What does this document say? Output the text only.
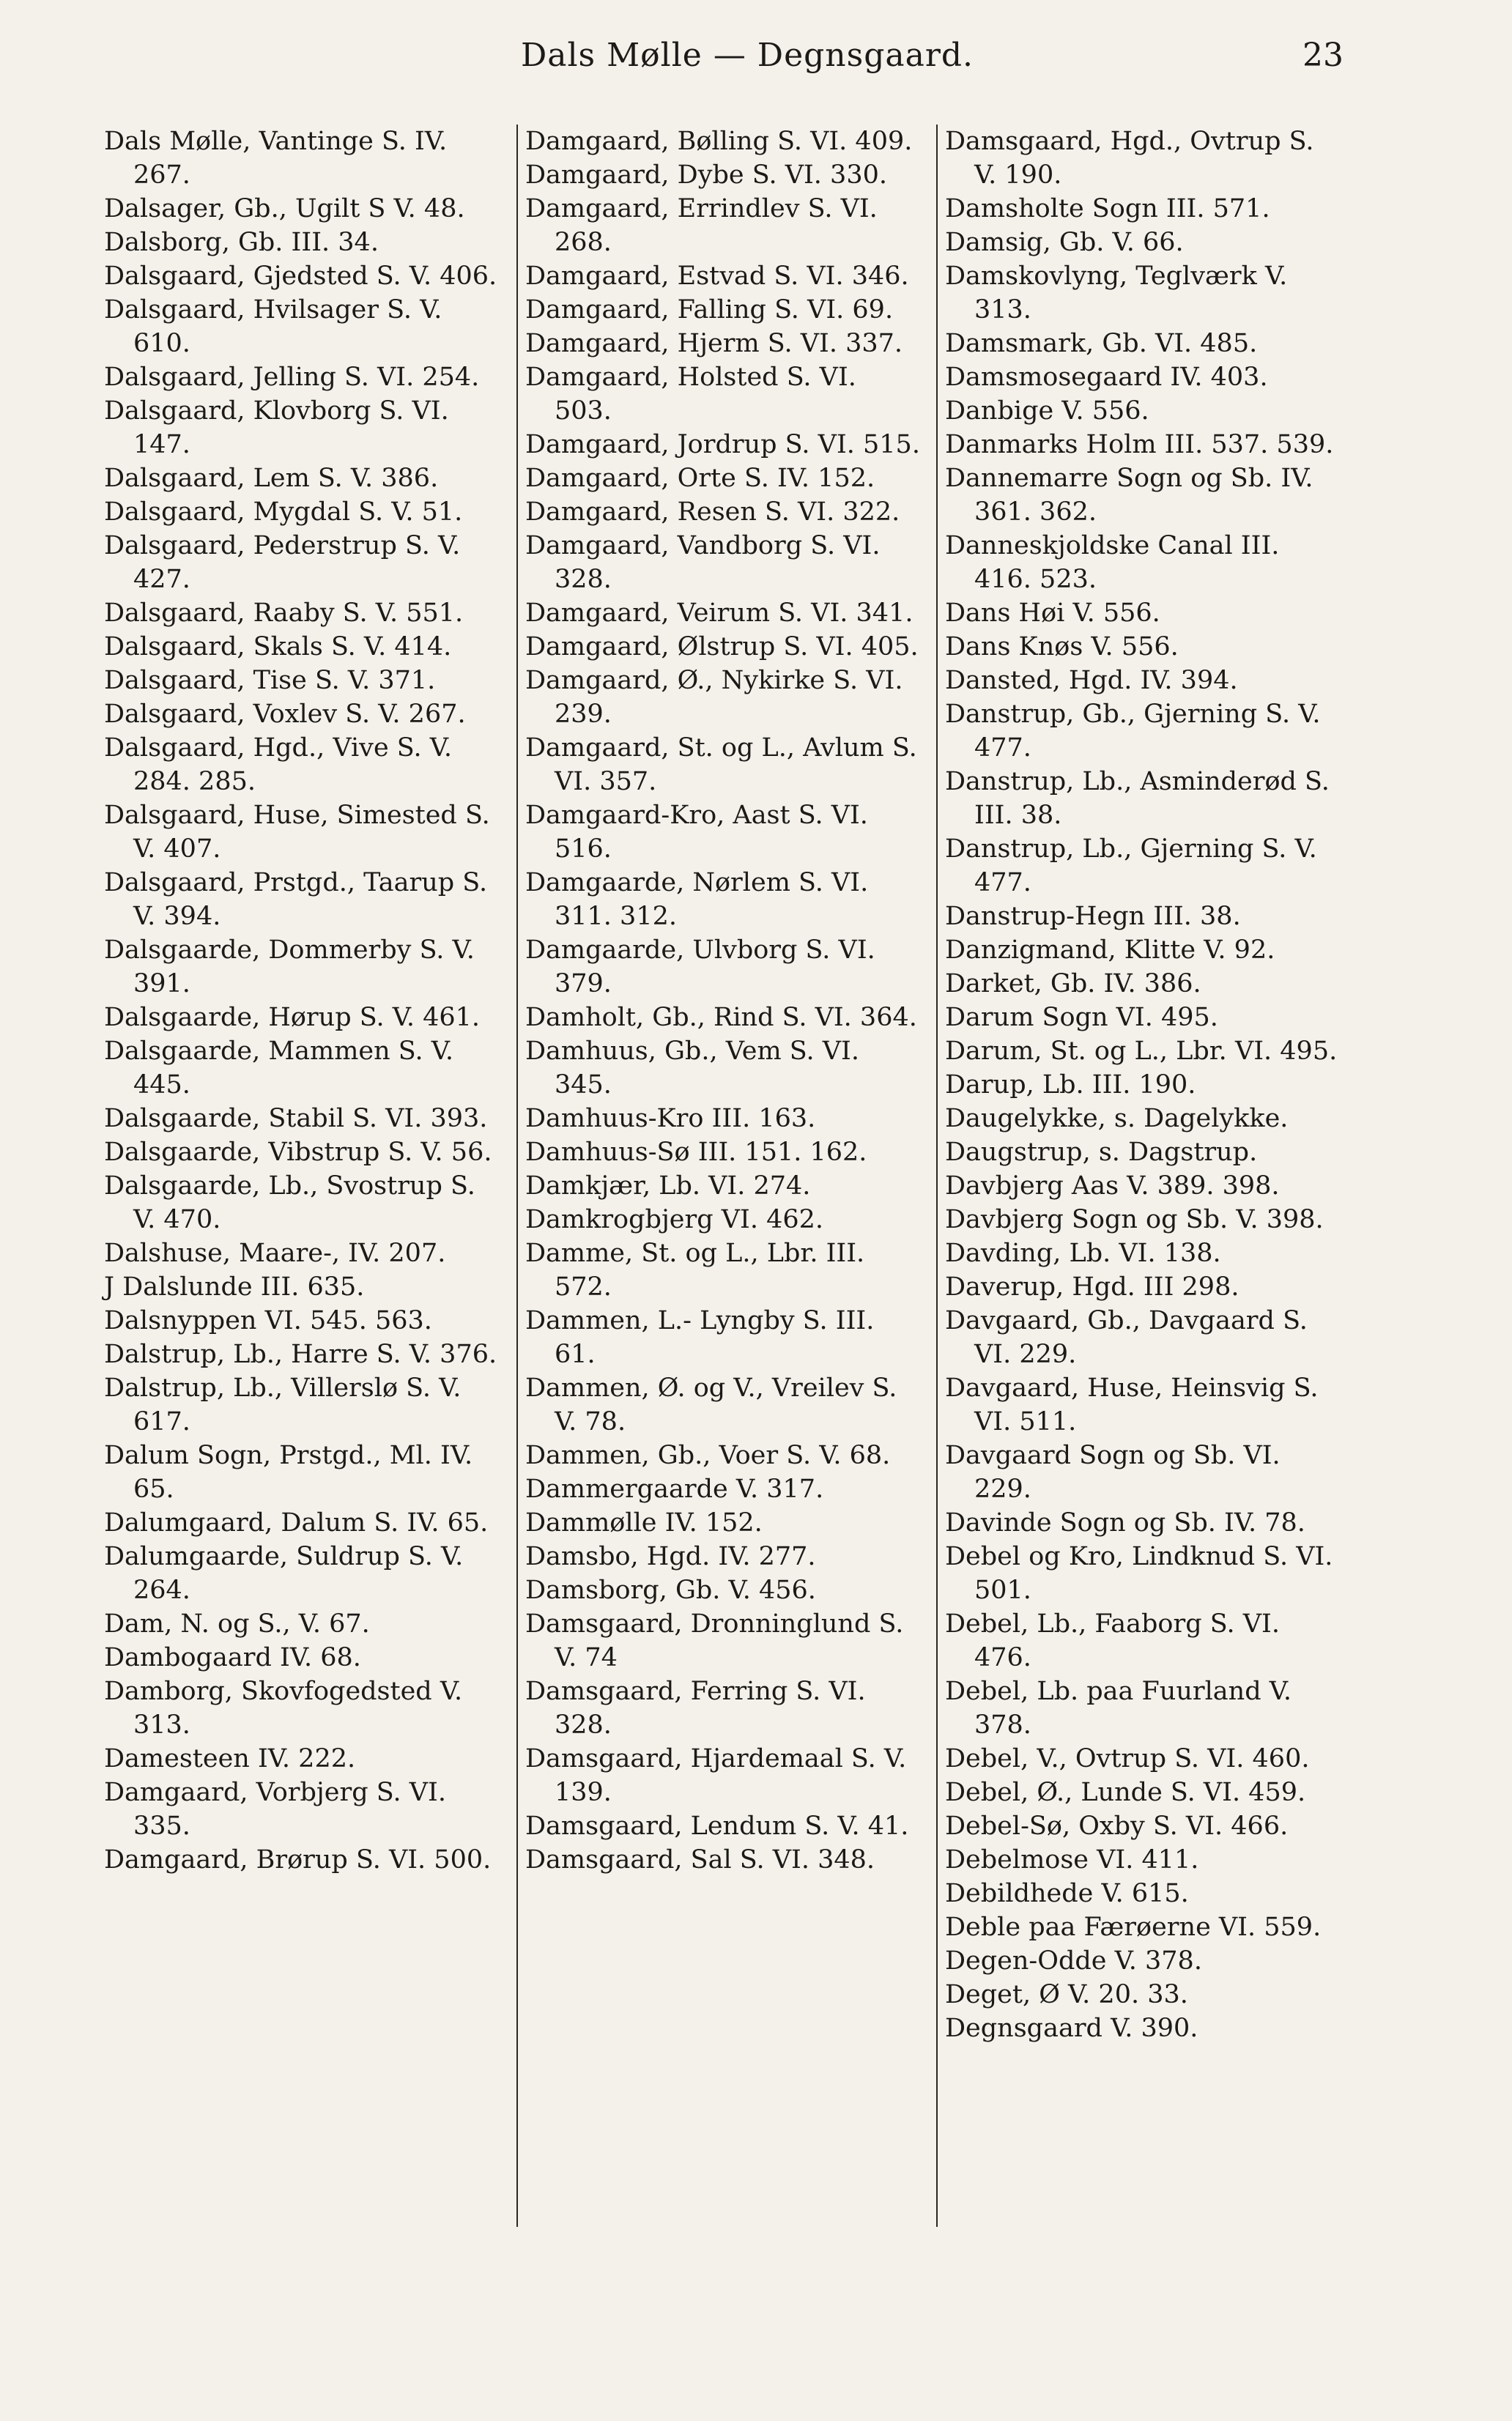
Dals Mølle — Degnsgaard.	23
Dals Mølle, Vantinge S. IV. 267.
Dalsager, Gb., Ugilt S V. 48.
Dalsborg, Gb. III. 34.
Dalsgaard, Gjedsted S. V. 406.
Dalsgaard, Hvilsager S. V. 610.
Dalsgaard, Jelling S. VI. 254.
Dalsgaard, Klovborg S. VI. 147.
Dalsgaard, Lem S. V. 386.
Dalsgaard, Mygdal S. V. 51.
Dalsgaard, Pederstrup S. V. 427.
Dalsgaard, Raaby S. V. 551.
Dalsgaard, Skals S. V. 414.
Dalsgaard, Tise S. V. 371.
Dalsgaard, Voxlev S. V. 267.
Dalsgaard, Hgd., Vive S. V. 284. 285.
Dalsgaard, Huse, Simested S. V. 407.
Dalsgaard, Prstgd., Taarup S. V. 394.
Dalsgaarde, Dommerby S. V. 391.
Dalsgaarde, Hørup S. V. 461.
Dalsgaarde, Mammen S. V. 445.
Dalsgaarde, Stabil S. VI. 393.
Dalsgaarde, Vibstrup S. V. 56.
Dalsgaarde, Lb., Svostrup S. V. 470.
Dalshuse, Maare-, IV. 207.
J Dalslunde III. 635.
Dalsnyppen VI. 545. 563.
Dalstrup, Lb., Harre S. V. 376.
Dalstrup, Lb., Villerslø S. V. 617.
Dalum Sogn, Prstgd., Ml. IV. 65.
Dalumgaard, Dalum S. IV. 65.
Dalumgaarde, Suldrup S. V. 264.
Dam, N. og S., V. 67.
Dambogaard IV. 68.
Damborg, Skovfogedsted V. 313.
Damesteen IV. 222.
Damgaard, Vorbjerg S. VI. 335.
Damgaard, Brørup S. VI. 500.
Damgaard, Bølling S. VI. 409.
Damgaard, Dybe S. VI. 330.
Damgaard, Errindlev S. VI. 268.
Damgaard, Estvad S. VI. 346.
Damgaard, Falling S. VI. 69.
Damgaard, Hjerm S. VI. 337.
Damgaard, Holsted S. VI. 503.
Damgaard, Jordrup S. VI. 515.
Damgaard, Orte S. IV. 152.
Damgaard, Resen S. VI. 322.
Damgaard, Vandborg S. VI. 328.
Damgaard, Veirum S. VI. 341.
Damgaard, Ølstrup S. VI. 405.
Damgaard, Ø., Nykirke S. VI. 239.
Damgaard, St. og L., Avlum S. VI. 357.
Damgaard-Kro, Aast S. VI. 516.
Damgaarde, Nørlem S. VI. 311. 312.
Damgaarde, Ulvborg S. VI. 379.
Damholt, Gb., Rind S. VI. 364.
Damhuus, Gb., Vem S. VI. 345.
Damhuus-Kro III. 163.
Damhuus-Sø III. 151. 162.
Damkjær, Lb. VI. 274.
Damkrogbjerg VI. 462.
Damme, St. og L., Lbr. III. 572.
Dammen, L.- Lyngby S. III. 61.
Dammen, Ø. og V., Vreilev S. V. 78.
Dammen, Gb., Voer S. V. 68.
Dammergaarde V. 317.
Dammølle IV. 152.
Damsbo, Hgd. IV. 277.
Damsborg, Gb. V. 456.
Damsgaard, Dronninglund S. V. 74
Damsgaard, Ferring S. VI. 328.
Damsgaard, Hjardemaal S. V. 139.
Damsgaard, Lendum S. V. 41.
Damsgaard, Sal S. VI. 348.
Damsgaard, Hgd., Ovtrup S. V. 190.
Damsholte Sogn III. 571.
Damsig, Gb. V. 66.
Damskovlyng, Teglværk V. 313.
Damsmark, Gb. VI. 485.
Damsmosegaard IV. 403.
Danbige V. 556.
Danmarks Holm III. 537. 539.
Dannemarre Sogn og Sb. IV. 361. 362.
Danneskjoldske Canal III. 416. 523.
Dans Høi V. 556.
Dans Knøs V. 556.
Dansted, Hgd. IV. 394.
Danstrup, Gb., Gjerning S. V. 477.
Danstrup, Lb., Asminderød S. III. 38.
Danstrup, Lb., Gjerning S. V. 477.
Danstrup-Hegn III. 38.
Danzigmand, Klitte V. 92.
Darket, Gb. IV. 386.
Darum Sogn VI. 495.
Darum, St. og L., Lbr. VI. 495.
Darup, Lb. III. 190.
Daugelykke, s. Dagelykke.
Daugstrup, s. Dagstrup.
Davbjerg Aas V. 389. 398.
Davbjerg Sogn og Sb. V. 398.
Davding, Lb. VI. 138.
Daverup, Hgd. III 298.
Davgaard, Gb., Davgaard S. VI. 229.
Davgaard, Huse, Heinsvig S. VI. 511.
Davgaard Sogn og Sb. VI. 229.
Davinde Sogn og Sb. IV. 78.
Debel og Kro, Lindknud S. VI. 501.
Debel, Lb., Faaborg S. VI. 476.
Debel, Lb. paa Fuurland V. 378.
Debel, V., Ovtrup S. VI. 460.
Debel, Ø., Lunde S. VI. 459.
Debel-Sø, Oxby S. VI. 466.
Debelmose VI. 411.
Debildhede V. 615.
Deble paa Færøerne VI. 559.
Degen-Odde V. 378.
Deget, Ø V. 20. 33.
Degnsgaard V. 390.
